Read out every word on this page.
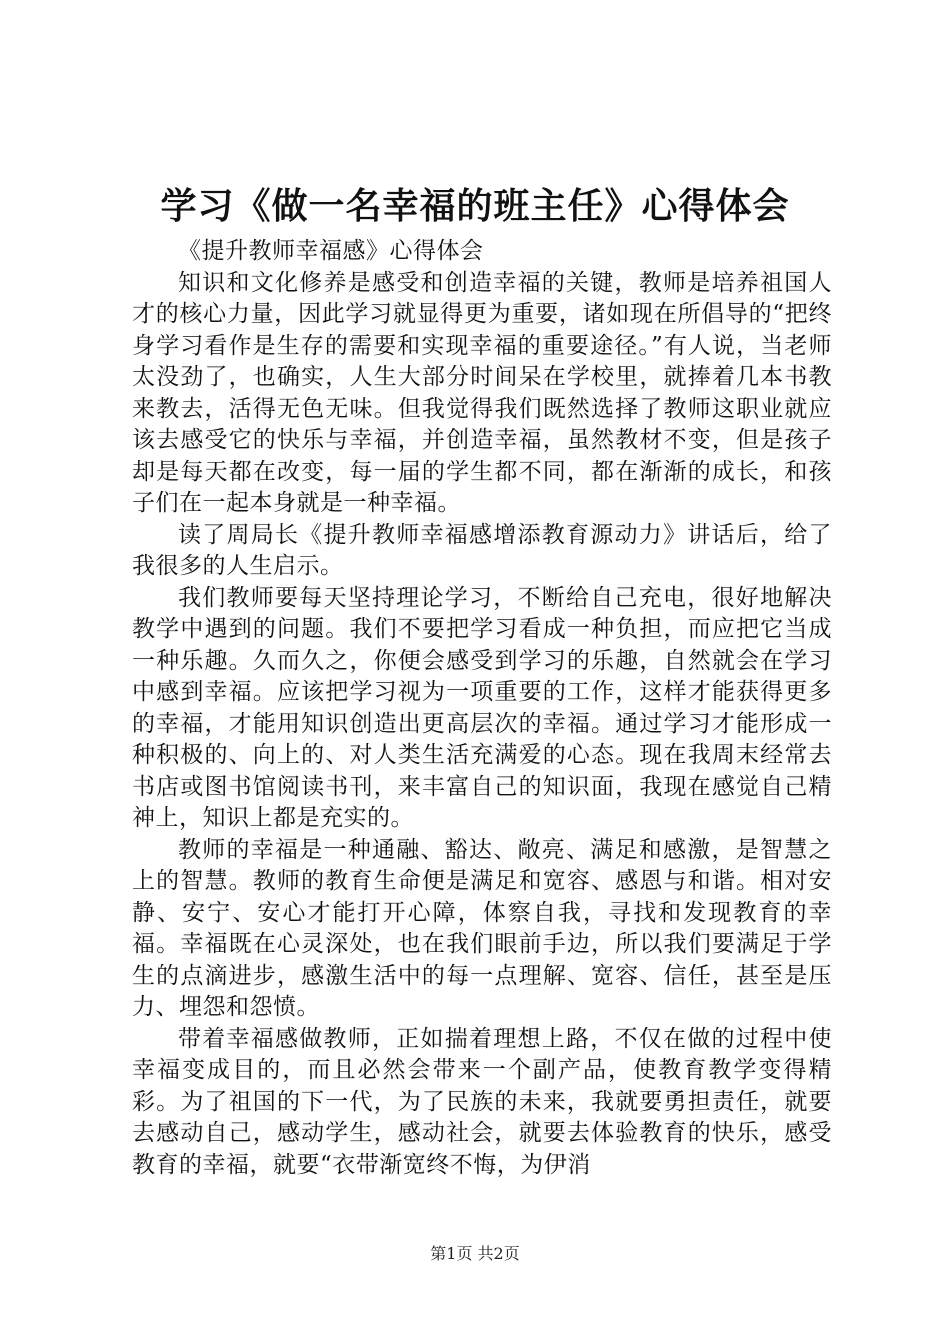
学习《做一名幸福的班主任》心得体会

《提升教师幸福感》心得体会

知识和文化修养是感受和创造幸福的关键，教师是培养祖国人才的核心力量，因此学习就显得更为重要，诸如现在所倡导的“把终身学习看作是生存的需要和实现幸福的重要途径。”有人说，当老师太没劲了，也确实，人生大部分时间呆在学校里，就捧着几本书教来教去，活得无色无味。但我觉得我们既然选择了教师这职业就应该去感受它的快乐与幸福，并创造幸福，虽然教材不变，但是孩子却是每天都在改变，每一届的学生都不同，都在渐渐的成长，和孩子们在一起本身就是一种幸福。

读了周局长《提升教师幸福感增添教育源动力》讲话后，给了我很多的人生启示。

我们教师要每天坚持理论学习，不断给自己充电，很好地解决教学中遇到的问题。我们不要把学习看成一种负担，而应把它当成一种乐趣。久而久之，你便会感受到学习的乐趣，自然就会在学习中感到幸福。应该把学习视为一项重要的工作，这样才能获得更多的幸福，才能用知识创造出更高层次的幸福。通过学习才能形成一种积极的、向上的、对人类生活充满爱的心态。现在我周末经常去书店或图书馆阅读书刊，来丰富自己的知识面，我现在感觉自己精神上，知识上都是充实的。

教师的幸福是一种通融、豁达、敞亮、满足和感激，是智慧之上的智慧。教师的教育生命便是满足和宽容、感恩与和谐。相对安静、安宁、安心才能打开心障，体察自我，寻找和发现教育的幸福。幸福既在心灵深处，也在我们眼前手边，所以我们要满足于学生的点滴进步，感激生活中的每一点理解、宽容、信任，甚至是压力、埋怨和怨愤。

带着幸福感做教师，正如揣着理想上路，不仅在做的过程中使幸福变成目的，而且必然会带来一个副产品，使教育教学变得精彩。为了祖国的下一代，为了民族的未来，我就要勇担责任，就要去感动自己，感动学生，感动社会，就要去体验教育的快乐，感受教育的幸福，就要“衣带渐宽终不悔，为伊消

第1页 共2页
